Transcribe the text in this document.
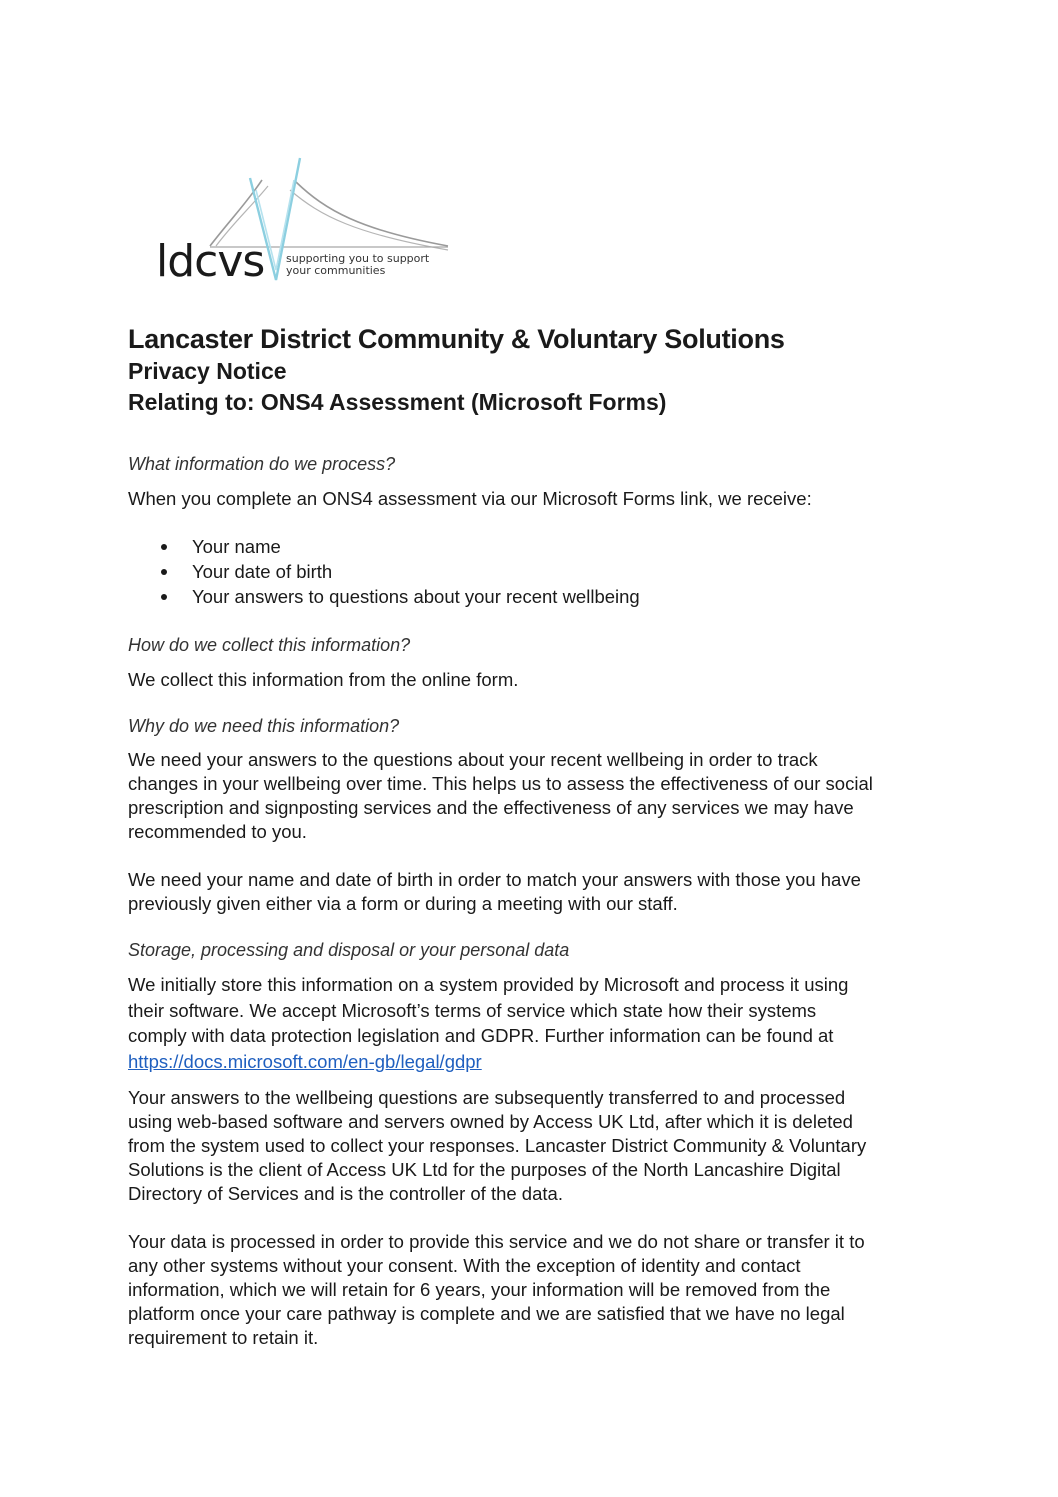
ldcvs supporting you to support
your communities
Lancaster District Community & Voluntary Solutions
Privacy Notice
Relating to: ONS4 Assessment (Microsoft Forms)

What information do we process?

When you complete an ONS4 assessment via our Microsoft Forms link, we receive:

Your name
Your date of birth
Your answers to questions about your recent wellbeing

How do we collect this information?

We collect this information from the online form.

Why do we need this information?

We need your answers to the questions about your recent wellbeing in order to track
changes in your wellbeing over time. This helps us to assess the effectiveness of our social
prescription and signposting services and the effectiveness of any services we may have
recommended to you.
We need your name and date of birth in order to match your answers with those you have
previously given either via a form or during a meeting with our staff.

Storage, processing and disposal or your personal data

We initially store this information on a system provided by Microsoft and process it using
their software. We accept Microsoft’s terms of service which state how their systems
comply with data protection legislation and GDPR. Further information can be found at
https://docs.microsoft.com/en-gb/legal/gdpr
Your answers to the wellbeing questions are subsequently transferred to and processed
using web-based software and servers owned by Access UK Ltd, after which it is deleted
from the system used to collect your responses. Lancaster District Community & Voluntary
Solutions is the client of Access UK Ltd for the purposes of the North Lancashire Digital
Directory of Services and is the controller of the data.
Your data is processed in order to provide this service and we do not share or transfer it to
any other systems without your consent. With the exception of identity and contact
information, which we will retain for 6 years, your information will be removed from the
platform once your care pathway is complete and we are satisfied that we have no legal
requirement to retain it.
